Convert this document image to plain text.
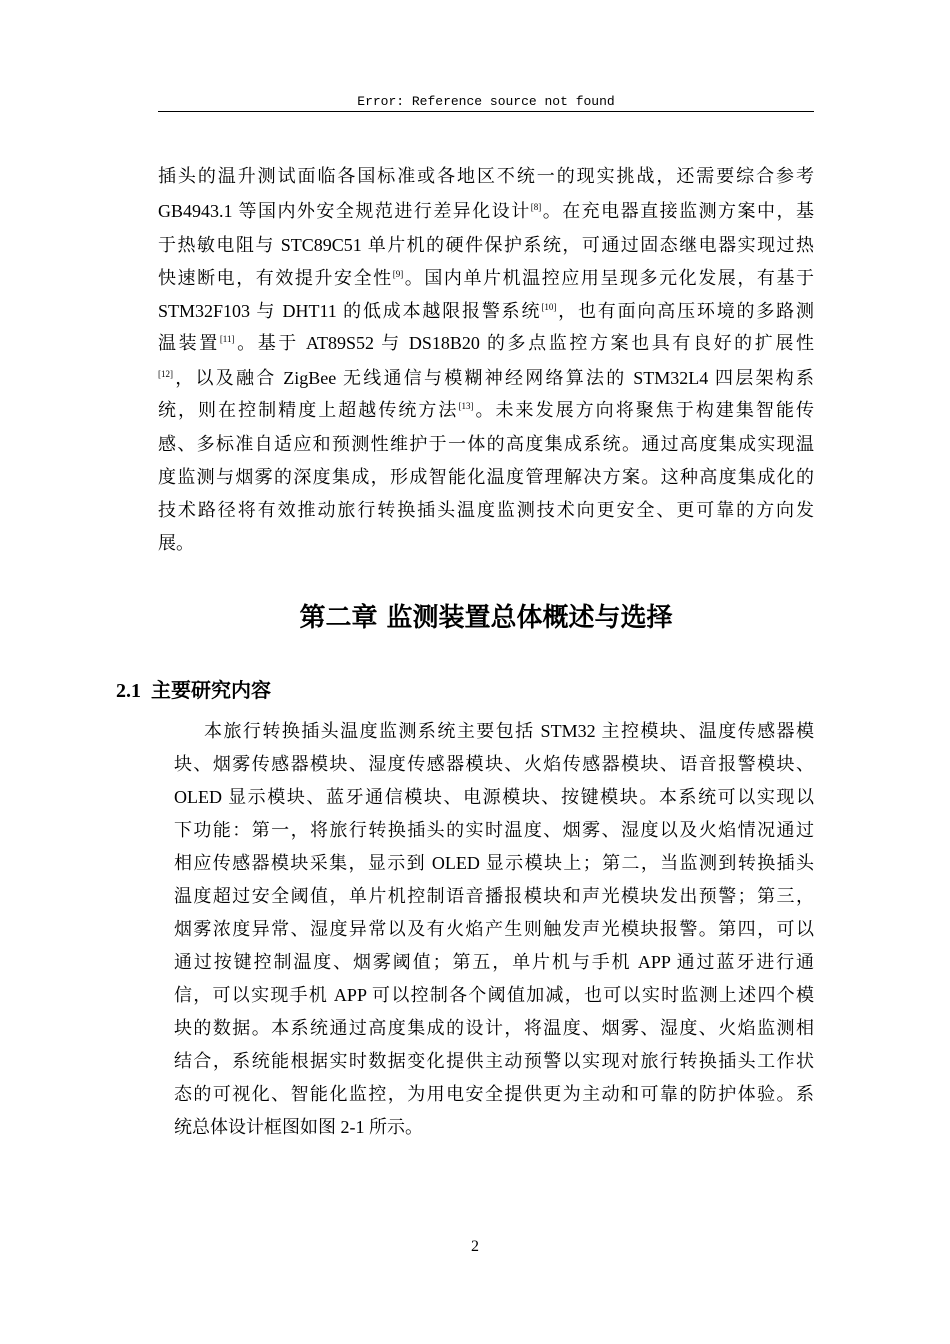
Error: Reference source not found
插头的温升测试面临各国标准或各地区不统一的现实挑战，还需要综合参考
GB4943.1 等国内外安全规范进行差异化设计[8]。在充电器直接监测方案中，基
于热敏电阻与 STC89C51 单片机的硬件保护系统，可通过固态继电器实现过热
快速断电，有效提升安全性[9]。国内单片机温控应用呈现多元化发展，有基于
STM32F103 与 DHT11 的低成本越限报警系统[10]，也有面向高压环境的多路测
温装置[11]。基于 AT89S52 与 DS18B20 的多点监控方案也具有良好的扩展性
[12]，以及融合 ZigBee 无线通信与模糊神经网络算法的 STM32L4 四层架构系
统，则在控制精度上超越传统方法[13]。未来发展方向将聚焦于构建集智能传
感、多标准自适应和预测性维护于一体的高度集成系统。通过高度集成实现温
度监测与烟雾的深度集成，形成智能化温度管理解决方案。这种高度集成化的
技术路径将有效推动旅行转换插头温度监测技术向更安全、更可靠的方向发
展。
第二章 监测装置总体概述与选择
2.1 主要研究内容
本旅行转换插头温度监测系统主要包括 STM32 主控模块、温度传感器模
块、烟雾传感器模块、湿度传感器模块、火焰传感器模块、语音报警模块、
OLED 显示模块、蓝牙通信模块、电源模块、按键模块。本系统可以实现以
下功能：第一，将旅行转换插头的实时温度、烟雾、湿度以及火焰情况通过
相应传感器模块采集，显示到 OLED 显示模块上；第二，当监测到转换插头
温度超过安全阈值，单片机控制语音播报模块和声光模块发出预警；第三，
烟雾浓度异常、湿度异常以及有火焰产生则触发声光模块报警。第四，可以
通过按键控制温度、烟雾阈值；第五，单片机与手机 APP 通过蓝牙进行通
信，可以实现手机 APP 可以控制各个阈值加减，也可以实时监测上述四个模
块的数据。本系统通过高度集成的设计，将温度、烟雾、湿度、火焰监测相
结合，系统能根据实时数据变化提供主动预警以实现对旅行转换插头工作状
态的可视化、智能化监控，为用电安全提供更为主动和可靠的防护体验。系
统总体设计框图如图 2-1 所示。
2
